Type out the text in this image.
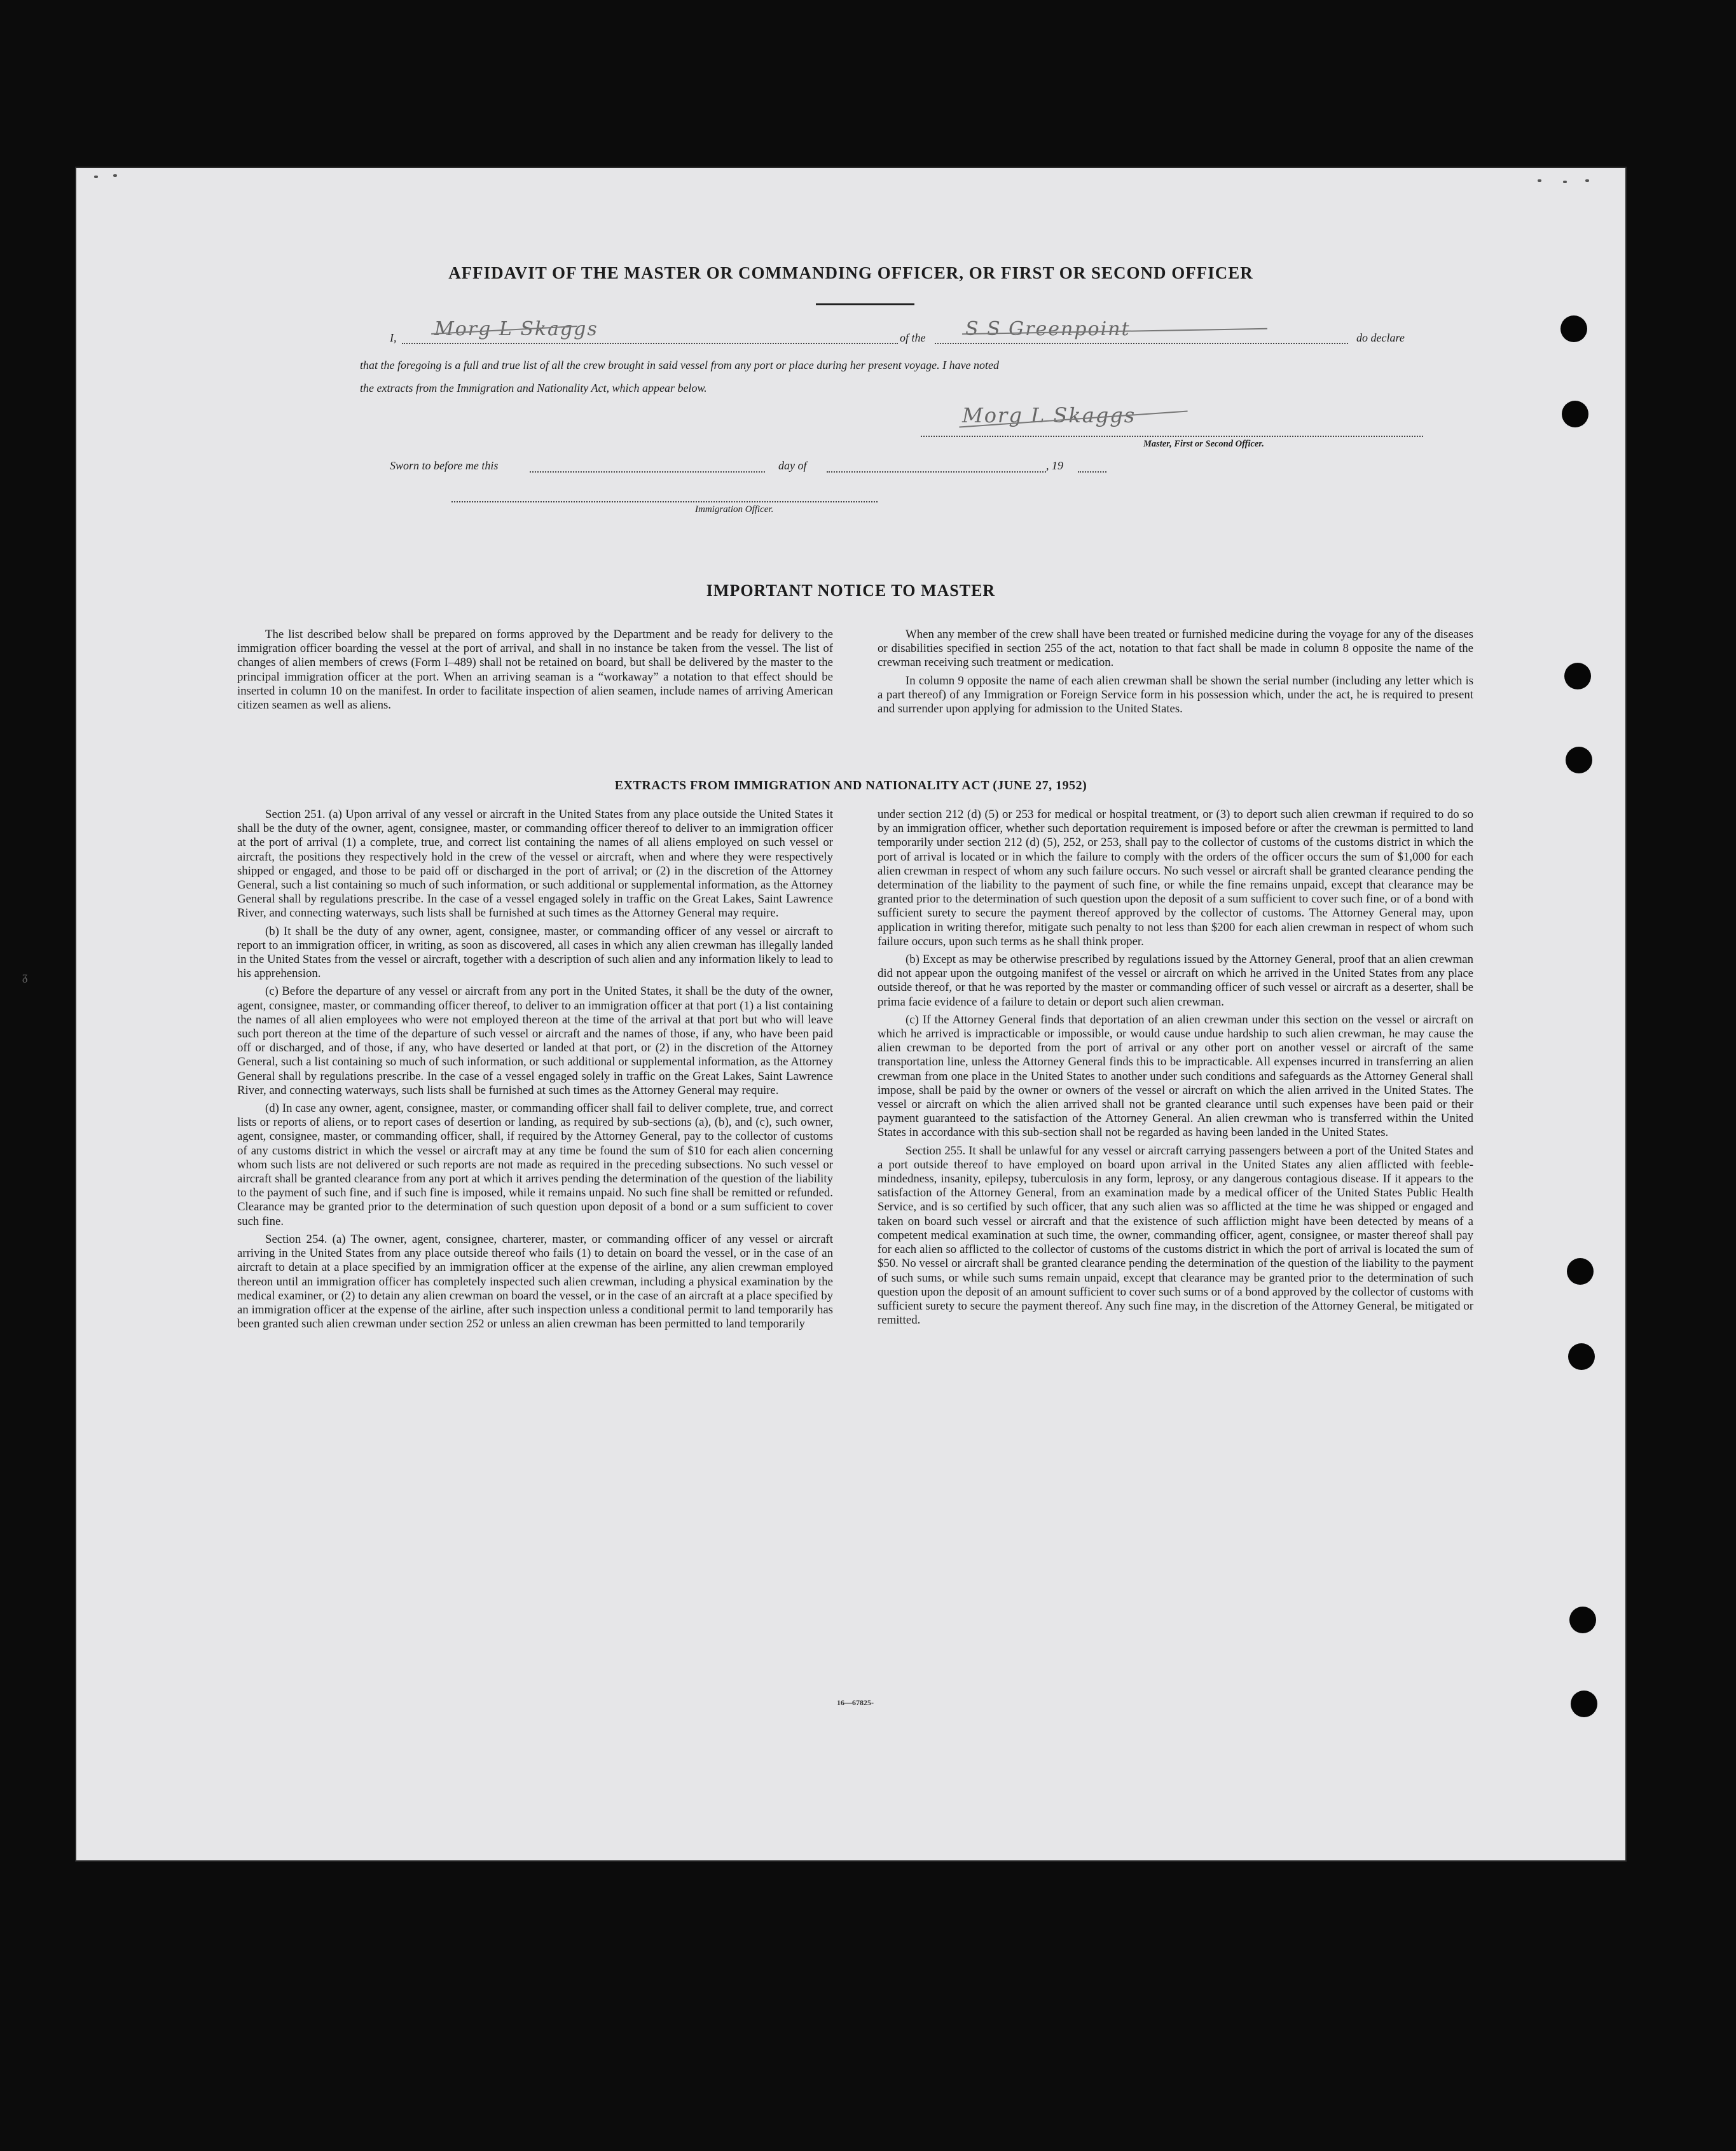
AFFIDAVIT OF THE MASTER OR COMMANDING OFFICER, OR FIRST OR SECOND OFFICER
I, Morg L Skaggs	of the S S Greenpoint	do declare
that the foregoing is a full and true list of all the crew brought in said vessel from any port or place during her present voyage. I have noted
the extracts from the Immigration and Nationality Act, which appear below.
Morg L Skaggs
Master, First or Second Officer.
Sworn to before me this	day of	, 19
Immigration Officer.
IMPORTANT NOTICE TO MASTER

The list described below shall be prepared on forms approved by the Department and be ready for delivery to the immigration officer boarding the vessel at the port of arrival, and shall in no instance be taken from the vessel. The list of changes of alien members of crews (Form I–489) shall not be retained on board, but shall be delivered by the master to the principal immigration officer at the port. When an arriving seaman is a “workaway” a notation to that effect should be inserted in column 10 on the manifest. In order to facilitate inspection of alien seamen, include names of arriving American citizen seamen as well as aliens.

When any member of the crew shall have been treated or furnished medicine during the voyage for any of the diseases or disabilities specified in section 255 of the act, notation to that fact shall be made in column 8 opposite the name of the crewman receiving such treatment or medication.

In column 9 opposite the name of each alien crewman shall be shown the serial number (including any letter which is a part thereof) of any Immigration or Foreign Service form in his possession which, under the act, he is required to present and surrender upon applying for admission to the United States.

EXTRACTS FROM IMMIGRATION AND NATIONALITY ACT (JUNE 27, 1952)

Section 251. (a) Upon arrival of any vessel or aircraft in the United States from any place outside the United States it shall be the duty of the owner, agent, consignee, master, or commanding officer thereof to deliver to an immigration officer at the port of arrival (1) a complete, true, and correct list containing the names of all aliens employed on such vessel or aircraft, the positions they respectively hold in the crew of the vessel or aircraft, when and where they were respectively shipped or engaged, and those to be paid off or discharged in the port of arrival; or (2) in the discretion of the Attorney General, such a list containing so much of such information, or such additional or supplemental information, as the Attorney General shall by regulations prescribe. In the case of a vessel engaged solely in traffic on the Great Lakes, Saint Lawrence River, and connecting waterways, such lists shall be furnished at such times as the Attorney General may require.

(b) It shall be the duty of any owner, agent, consignee, master, or commanding officer of any vessel or aircraft to report to an immigration officer, in writing, as soon as discovered, all cases in which any alien crewman has illegally landed in the United States from the vessel or aircraft, together with a description of such alien and any information likely to lead to his apprehension.

(c) Before the departure of any vessel or aircraft from any port in the United States, it shall be the duty of the owner, agent, consignee, master, or commanding officer thereof, to deliver to an immigration officer at that port (1) a list containing the names of all alien employees who were not employed thereon at the time of the arrival at that port but who will leave such port thereon at the time of the departure of such vessel or aircraft and the names of those, if any, who have been paid off or discharged, and of those, if any, who have deserted or landed at that port, or (2) in the discretion of the Attorney General, such a list containing so much of such information, or such additional or supplemental information, as the Attorney General shall by regulations prescribe. In the case of a vessel engaged solely in traffic on the Great Lakes, Saint Lawrence River, and connecting waterways, such lists shall be furnished at such times as the Attorney General may require.

(d) In case any owner, agent, consignee, master, or commanding officer shall fail to deliver complete, true, and correct lists or reports of aliens, or to report cases of desertion or landing, as required by sub-sections (a), (b), and (c), such owner, agent, consignee, master, or commanding officer, shall, if required by the Attorney General, pay to the collector of customs of any customs district in which the vessel or aircraft may at any time be found the sum of $10 for each alien concerning whom such lists are not delivered or such reports are not made as required in the preceding subsections. No such vessel or aircraft shall be granted clearance from any port at which it arrives pending the determination of the question of the liability to the payment of such fine, and if such fine is imposed, while it remains unpaid. No such fine shall be remitted or refunded. Clearance may be granted prior to the determination of such question upon deposit of a bond or a sum sufficient to cover such fine.

Section 254. (a) The owner, agent, consignee, charterer, master, or commanding officer of any vessel or aircraft arriving in the United States from any place outside thereof who fails (1) to detain on board the vessel, or in the case of an aircraft to detain at a place specified by an immigration officer at the expense of the airline, any alien crewman employed thereon until an immigration officer has completely inspected such alien crewman, including a physical examination by the medical examiner, or (2) to detain any alien crewman on board the vessel, or in the case of an aircraft at a place specified by an immigration officer at the expense of the airline, after such inspection unless a conditional permit to land temporarily has been granted such alien crewman under section 252 or unless an alien crewman has been permitted to land temporarily

under section 212 (d) (5) or 253 for medical or hospital treatment, or (3) to deport such alien crewman if required to do so by an immigration officer, whether such deportation requirement is imposed before or after the crewman is permitted to land temporarily under section 212 (d) (5), 252, or 253, shall pay to the collector of customs of the customs district in which the port of arrival is located or in which the failure to comply with the orders of the officer occurs the sum of $1,000 for each alien crewman in respect of whom any such failure occurs. No such vessel or aircraft shall be granted clearance pending the determination of the liability to the payment of such fine, or while the fine remains unpaid, except that clearance may be granted prior to the determination of such question upon the deposit of a sum sufficient to cover such fine, or of a bond with sufficient surety to secure the payment thereof approved by the collector of customs. The Attorney General may, upon application in writing therefor, mitigate such penalty to not less than $200 for each alien crewman in respect of whom such failure occurs, upon such terms as he shall think proper.

(b) Except as may be otherwise prescribed by regulations issued by the Attorney General, proof that an alien crewman did not appear upon the outgoing manifest of the vessel or aircraft on which he arrived in the United States from any place outside thereof, or that he was reported by the master or commanding officer of such vessel or aircraft as a deserter, shall be prima facie evidence of a failure to detain or deport such alien crewman.

(c) If the Attorney General finds that deportation of an alien crewman under this section on the vessel or aircraft on which he arrived is impracticable or impossible, or would cause undue hardship to such alien crewman, he may cause the alien crewman to be deported from the port of arrival or any other port on another vessel or aircraft of the same transportation line, unless the Attorney General finds this to be impracticable. All expenses incurred in transferring an alien crewman from one place in the United States to another under such conditions and safeguards as the Attorney General shall impose, shall be paid by the owner or owners of the vessel or aircraft on which the alien arrived in the United States. The vessel or aircraft on which the alien arrived shall not be granted clearance until such expenses have been paid or their payment guaranteed to the satisfaction of the Attorney General. An alien crewman who is transferred within the United States in accordance with this sub-section shall not be regarded as having been landed in the United States.

Section 255. It shall be unlawful for any vessel or aircraft carrying passengers between a port of the United States and a port outside thereof to have employed on board upon arrival in the United States any alien afflicted with feeble-mindedness, insanity, epilepsy, tuberculosis in any form, leprosy, or any dangerous contagious disease. If it appears to the satisfaction of the Attorney General, from an examination made by a medical officer of the United States Public Health Service, and is so certified by such officer, that any such alien was so afflicted at the time he was shipped or engaged and taken on board such vessel or aircraft and that the existence of such affliction might have been detected by means of a competent medical examination at such time, the owner, commanding officer, agent, consignee, or master thereof shall pay for each alien so afflicted to the collector of customs of the customs district in which the port of arrival is located the sum of $50. No vessel or aircraft shall be granted clearance pending the determination of the question of the liability to the payment of such sums, or while such sums remain unpaid, except that clearance may be granted prior to the determination of such question upon the deposit of an amount sufficient to cover such sums or of a bond approved by the collector of customs with sufficient surety to secure the payment thereof. Any such fine may, in the discretion of the Attorney General, be mitigated or remitted.

16—67825-
ᵹ
